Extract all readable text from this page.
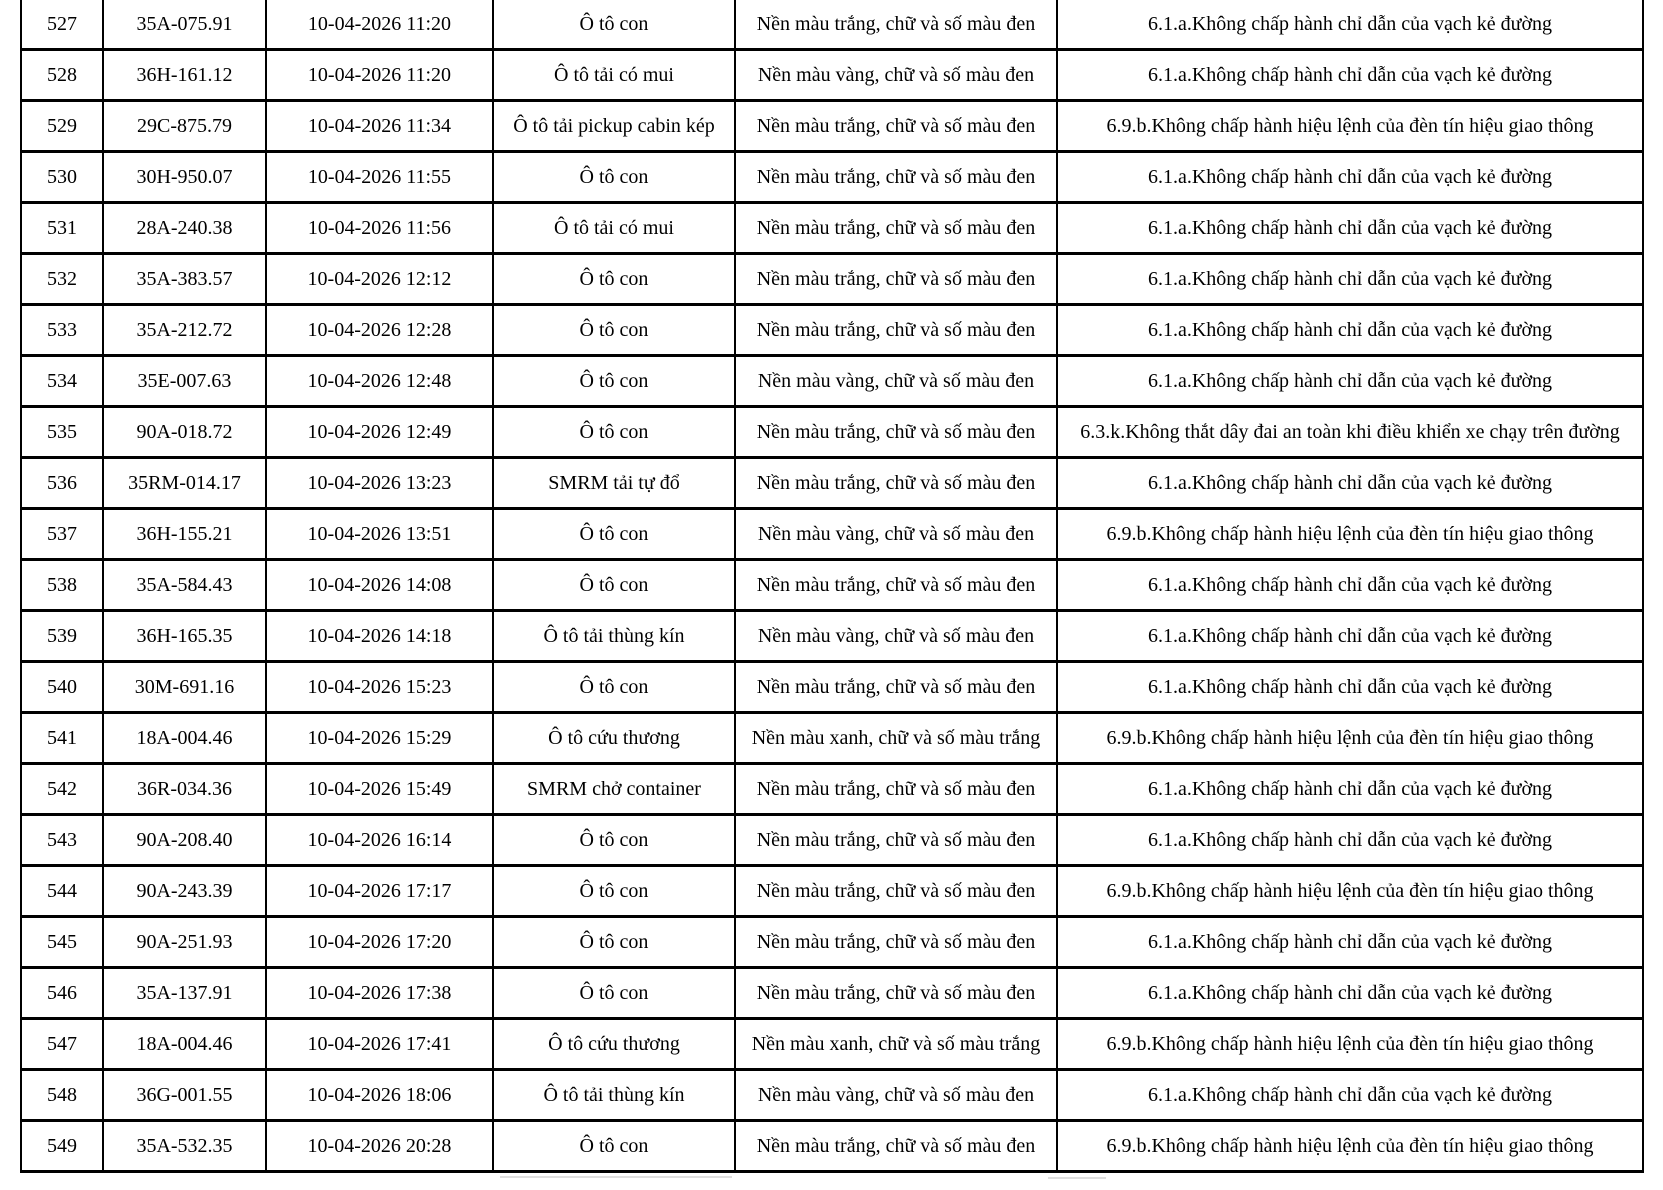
527	35A-075.91	10-04-2026 11:20	Ô tô con	Nền màu trắng, chữ và số màu đen	6.1.a.Không chấp hành chỉ dẫn của vạch kẻ đường
528	36H-161.12	10-04-2026 11:20	Ô tô tải có mui	Nền màu vàng, chữ và số màu đen	6.1.a.Không chấp hành chỉ dẫn của vạch kẻ đường
529	29C-875.79	10-04-2026 11:34	Ô tô tải pickup cabin kép	Nền màu trắng, chữ và số màu đen	6.9.b.Không chấp hành hiệu lệnh của đèn tín hiệu giao thông
530	30H-950.07	10-04-2026 11:55	Ô tô con	Nền màu trắng, chữ và số màu đen	6.1.a.Không chấp hành chỉ dẫn của vạch kẻ đường
531	28A-240.38	10-04-2026 11:56	Ô tô tải có mui	Nền màu trắng, chữ và số màu đen	6.1.a.Không chấp hành chỉ dẫn của vạch kẻ đường
532	35A-383.57	10-04-2026 12:12	Ô tô con	Nền màu trắng, chữ và số màu đen	6.1.a.Không chấp hành chỉ dẫn của vạch kẻ đường
533	35A-212.72	10-04-2026 12:28	Ô tô con	Nền màu trắng, chữ và số màu đen	6.1.a.Không chấp hành chỉ dẫn của vạch kẻ đường
534	35E-007.63	10-04-2026 12:48	Ô tô con	Nền màu vàng, chữ và số màu đen	6.1.a.Không chấp hành chỉ dẫn của vạch kẻ đường
535	90A-018.72	10-04-2026 12:49	Ô tô con	Nền màu trắng, chữ và số màu đen	6.3.k.Không thắt dây đai an toàn khi điều khiển xe chạy trên đường
536	35RM-014.17	10-04-2026 13:23	SMRM tải tự đổ	Nền màu trắng, chữ và số màu đen	6.1.a.Không chấp hành chỉ dẫn của vạch kẻ đường
537	36H-155.21	10-04-2026 13:51	Ô tô con	Nền màu vàng, chữ và số màu đen	6.9.b.Không chấp hành hiệu lệnh của đèn tín hiệu giao thông
538	35A-584.43	10-04-2026 14:08	Ô tô con	Nền màu trắng, chữ và số màu đen	6.1.a.Không chấp hành chỉ dẫn của vạch kẻ đường
539	36H-165.35	10-04-2026 14:18	Ô tô tải thùng kín	Nền màu vàng, chữ và số màu đen	6.1.a.Không chấp hành chỉ dẫn của vạch kẻ đường
540	30M-691.16	10-04-2026 15:23	Ô tô con	Nền màu trắng, chữ và số màu đen	6.1.a.Không chấp hành chỉ dẫn của vạch kẻ đường
541	18A-004.46	10-04-2026 15:29	Ô tô cứu thương	Nền màu xanh, chữ và số màu trắng	6.9.b.Không chấp hành hiệu lệnh của đèn tín hiệu giao thông
542	36R-034.36	10-04-2026 15:49	SMRM chở container	Nền màu trắng, chữ và số màu đen	6.1.a.Không chấp hành chỉ dẫn của vạch kẻ đường
543	90A-208.40	10-04-2026 16:14	Ô tô con	Nền màu trắng, chữ và số màu đen	6.1.a.Không chấp hành chỉ dẫn của vạch kẻ đường
544	90A-243.39	10-04-2026 17:17	Ô tô con	Nền màu trắng, chữ và số màu đen	6.9.b.Không chấp hành hiệu lệnh của đèn tín hiệu giao thông
545	90A-251.93	10-04-2026 17:20	Ô tô con	Nền màu trắng, chữ và số màu đen	6.1.a.Không chấp hành chỉ dẫn của vạch kẻ đường
546	35A-137.91	10-04-2026 17:38	Ô tô con	Nền màu trắng, chữ và số màu đen	6.1.a.Không chấp hành chỉ dẫn của vạch kẻ đường
547	18A-004.46	10-04-2026 17:41	Ô tô cứu thương	Nền màu xanh, chữ và số màu trắng	6.9.b.Không chấp hành hiệu lệnh của đèn tín hiệu giao thông
548	36G-001.55	10-04-2026 18:06	Ô tô tải thùng kín	Nền màu vàng, chữ và số màu đen	6.1.a.Không chấp hành chỉ dẫn của vạch kẻ đường
549	35A-532.35	10-04-2026 20:28	Ô tô con	Nền màu trắng, chữ và số màu đen	6.9.b.Không chấp hành hiệu lệnh của đèn tín hiệu giao thông
